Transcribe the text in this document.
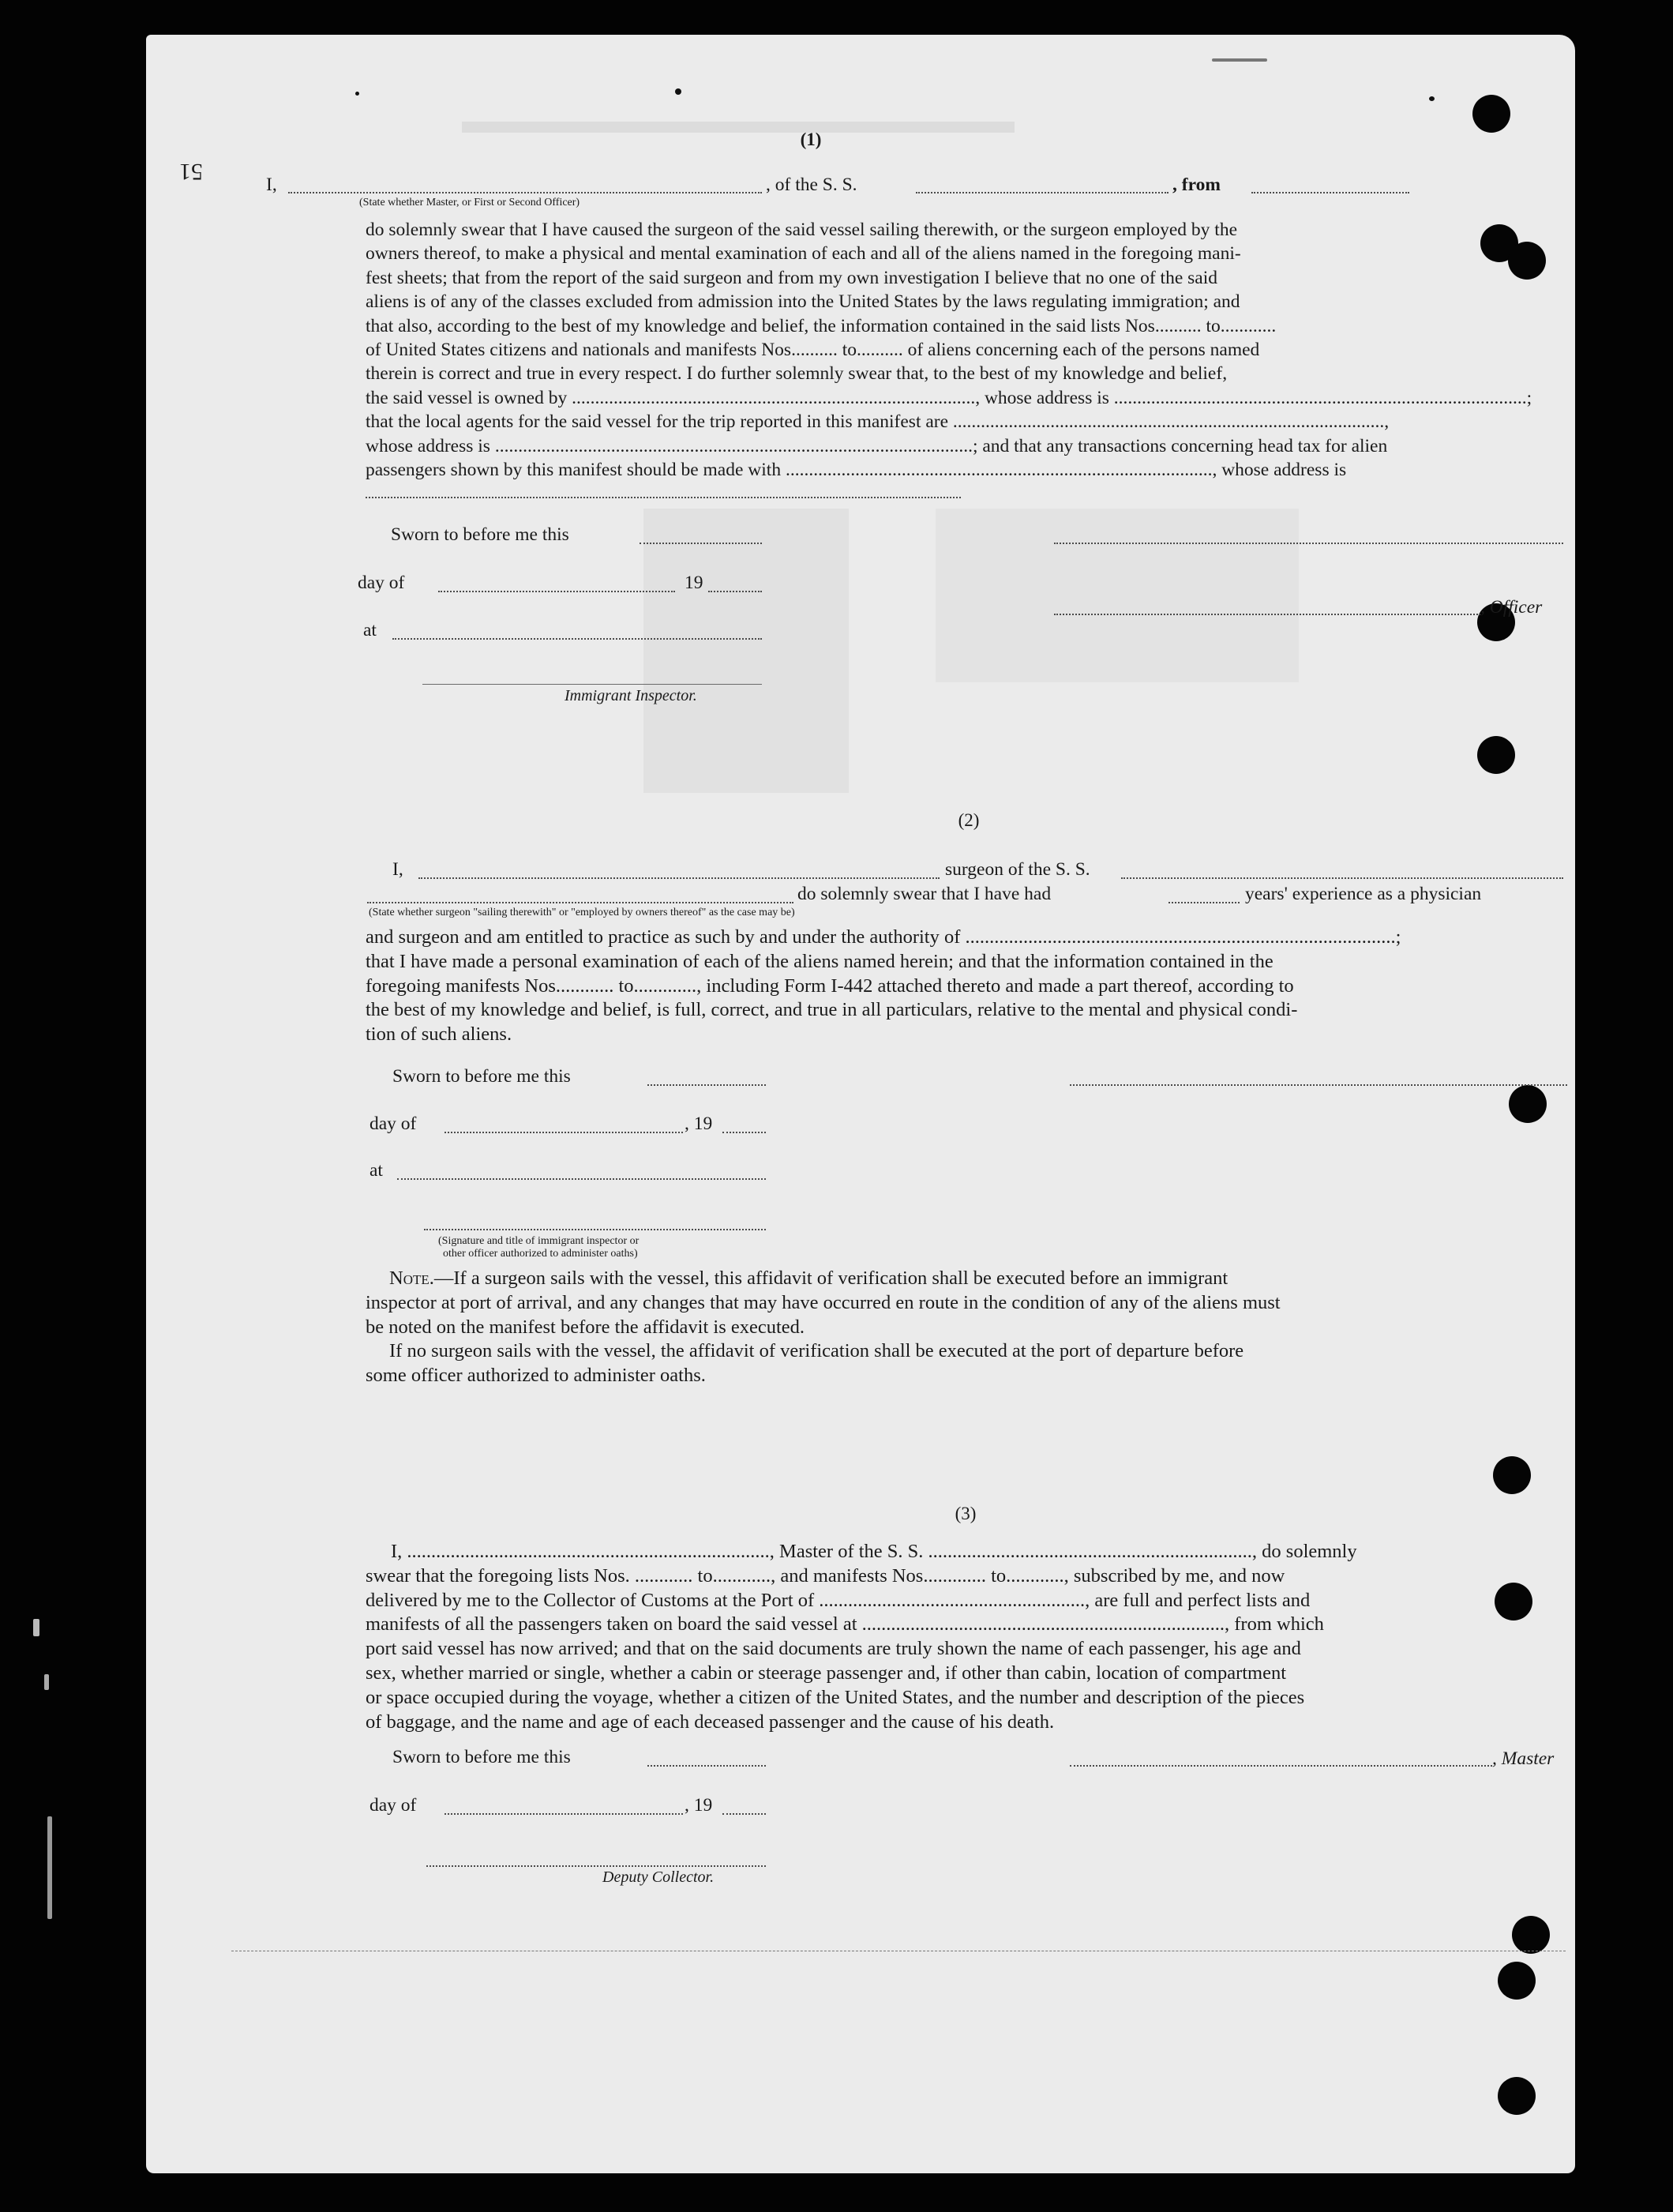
51
(1)
I,	, of the S. S.	, from
(State whether Master, or First or Second Officer)
do solemnly swear that I have caused the surgeon of the said vessel sailing therewith, or the surgeon employed by the
owners thereof, to make a physical and mental examination of each and all of the aliens named in the foregoing mani-
fest sheets; that from the report of the said surgeon and from my own investigation I believe that no one of the said
aliens is of any of the classes excluded from admission into the United States by the laws regulating immigration; and
that also, according to the best of my knowledge and belief, the information contained in the said lists Nos.......... to............
of United States citizens and nationals and manifests Nos.......... to.......... of aliens concerning each of the persons named
therein is correct and true in every respect. I do further solemnly swear that, to the best of my knowledge and belief,
the said vessel is owned by ......................................................................................., whose address is .........................................................................................;
that the local agents for the said vessel for the trip reported in this manifest are .............................................................................................,
whose address is .......................................................................................................; and that any transactions concerning head tax for alien
passengers shown by this manifest should be made with ............................................................................................, whose address is
Sworn to before me this
day of	19
, Officer
at
Immigrant Inspector.
(2)
I,	surgeon of the S. S.
do solemnly swear that I have had	years' experience as a physician
(State whether surgeon "sailing therewith" or "employed by owners thereof" as the case may be)
and surgeon and am entitled to practice as such by and under the authority of .........................................................................................;
that I have made a personal examination of each of the aliens named herein; and that the information contained in the
foregoing manifests Nos............ to............., including Form I-442 attached thereto and made a part thereof, according to
the best of my knowledge and belief, is full, correct, and true in all particulars, relative to the mental and physical condi-
tion of such aliens.
Sworn to before me this
day of	, 19
at
(Signature and title of immigrant inspector or
other officer authorized to administer oaths)
Note.—If a surgeon sails with the vessel, this affidavit of verification shall be executed before an immigrant
inspector at port of arrival, and any changes that may have occurred en route in the condition of any of the aliens must
be noted on the manifest before the affidavit is executed.
If no surgeon sails with the vessel, the affidavit of verification shall be executed at the port of departure before
some officer authorized to administer oaths.
(3)
I, ..........................................................................., Master of the S. S. ..................................................................., do solemnly
swear that the foregoing lists Nos. ............ to............, and manifests Nos............. to............, subscribed by me, and now
delivered by me to the Collector of Customs at the Port of ......................................................., are full and perfect lists and
manifests of all the passengers taken on board the said vessel at ..........................................................................., from which
port said vessel has now arrived; and that on the said documents are truly shown the name of each passenger, his age and
sex, whether married or single, whether a cabin or steerage passenger and, if other than cabin, location of compartment
or space occupied during the voyage, whether a citizen of the United States, and the number and description of the pieces
of baggage, and the name and age of each deceased passenger and the cause of his death.
Sworn to before me this	, Master
day of	, 19
Deputy Collector.
